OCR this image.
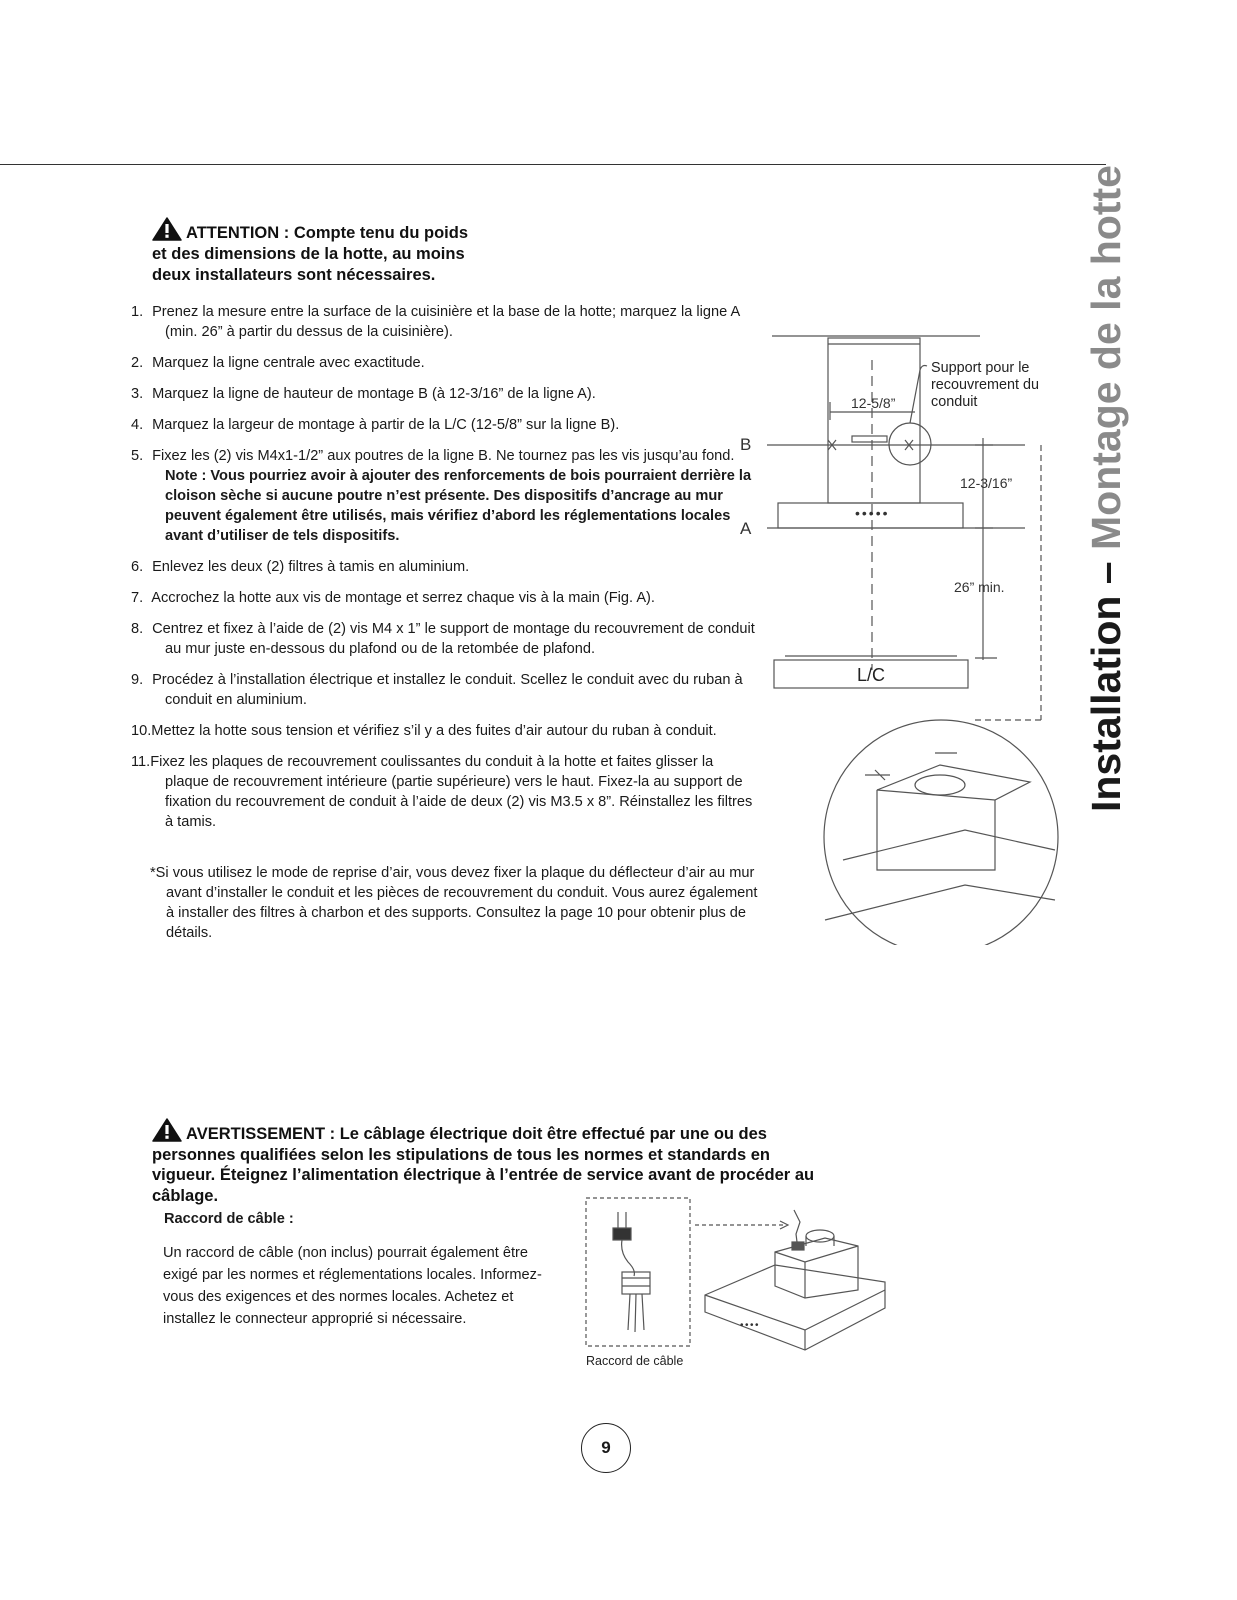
Installation – Montage de la hotte
ATTENTION : Compte tenu du poids
et des dimensions de la hotte, au moins
deux installateurs sont nécessaires.
1. Prenez la mesure entre la surface de la cuisinière et la base de la hotte; marquez la ligne A (min. 26” à partir du dessus de la cuisinière).
2. Marquez la ligne centrale avec exactitude.
3. Marquez la ligne de hauteur de montage B (à 12-3/16” de la ligne A).
4. Marquez la largeur de montage à partir de la L/C (12-5/8” sur la ligne B).
5. Fixez les (2) vis M4x1-1/2” aux poutres de la ligne B. Ne tournez pas les vis jusqu’au fond. Note : Vous pourriez avoir à ajouter des renforcements de bois pourraient derrière la cloison sèche si aucune poutre n’est présente. Des dispositifs d’ancrage au mur peuvent également être utilisés, mais vérifiez d’abord les réglementations locales avant d’utiliser de tels dispositifs.
6. Enlevez les deux (2) filtres à tamis en aluminium.
7. Accrochez la hotte aux vis de montage et serrez chaque vis à la main (Fig. A).
8. Centrez et fixez à l’aide de (2) vis M4 x 1” le support de montage du recouvrement de conduit au mur juste en-dessous du plafond ou de la retombée de plafond.
9. Procédez à l’installation électrique et installez le conduit. Scellez le conduit avec du ruban à conduit en aluminium.
10.Mettez la hotte sous tension et vérifiez s’il y a des fuites d’air autour du ruban à conduit.
11.Fixez les plaques de recouvrement coulissantes du conduit à la hotte et faites glisser la plaque de recouvrement intérieure (partie supérieure) vers le haut. Fixez-la au support de fixation du recouvrement de conduit à l’aide de deux (2) vis M3.5 x 8”. Réinstallez les filtres à tamis.
*Si vous utilisez le mode de reprise d’air, vous devez fixer la plaque du déflecteur d’air au mur avant d’installer le conduit et les pièces de recouvrement du conduit. Vous aurez également à installer des filtres à charbon et des supports. Consultez la page 10 pour obtenir plus de détails.
•••••
B
A
12-5/8”
12-3/16”
26” min.
L/C
Support pour le recouvrement du conduit
AVERTISSEMENT : Le câblage électrique doit être effectué par une ou des personnes qualifiées selon les stipulations de tous les normes et standards en vigueur. Éteignez l’alimentation électrique à l’entrée de service avant de procéder au câblage.
Raccord de câble :
Un raccord de câble (non inclus) pourrait également être exigé par les normes et réglementations locales. Informez-vous des exigences et des normes locales. Achetez et installez le connecteur approprié si nécessaire.	••••
Raccord de câble
9
